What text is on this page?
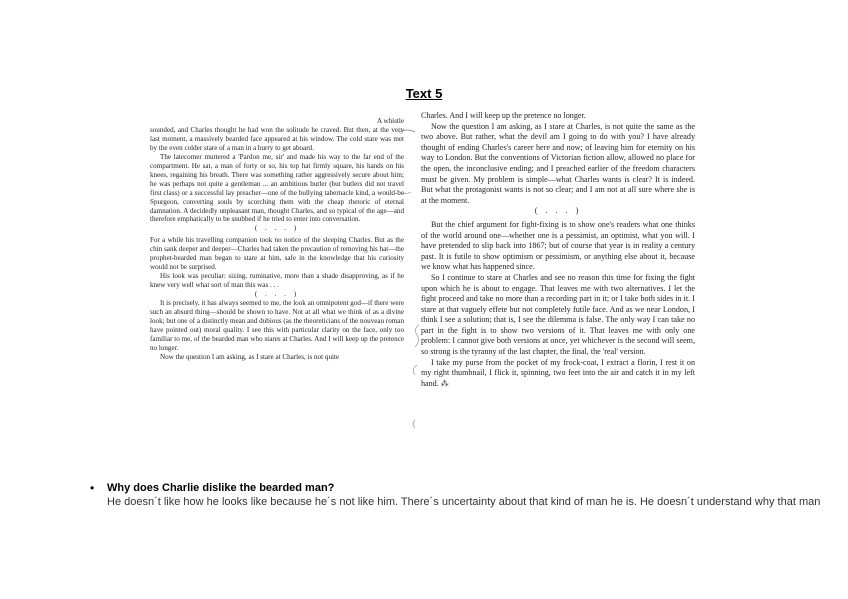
Text 5

A whistle

sounded, and Charles thought he had won the solitude he craved. But then, at the very last moment, a massively bearded face appeared at his window. The cold stare was met by the even colder stare of a man in a hurry to get aboard.

The latecomer muttered a 'Pardon me, sir' and made his way to the far end of the compartment. He sat, a man of forty or so, his top hat firmly square, his hands on his knees, regaining his breath. There was something rather aggressively secure about him; he was perhaps not quite a gentleman ... an ambitious butler (but butlers did not travel first class) or a successful lay preacher—one of the bullying tabernacle kind, a would-be Spurgeon, converting souls by scorching them with the cheap rhetoric of eternal damnation. A decidedly unpleasant man, thought Charles, and so typical of the age—and therefore emphatically to be snubbed if he tried to enter into conversation.

( . . . )

For a while his travelling companion took no notice of the sleeping Charles. But as the chin sank deeper and deeper—Charles had taken the precaution of removing his hat—the prophet-bearded man began to stare at him, safe in the knowledge that his curiosity would not be surprised.

His look was peculiar: sizing, ruminative, more than a shade disapproving, as if he knew very well what sort of man this was . . .

( . . . )

It is precisely, it has always seemed to me, the look an omnipotent god—if there were such an absurd thing—should be shown to have. Not at all what we think of as a divine look; but one of a distinctly mean and dubious (as the theoreticians of the nouveau roman have pointed out) moral quality. I see this with particular clarity on the face, only too familiar to me, of the bearded man who stares at Charles. And I will keep up the pretence no longer.

Now the question I am asking, as I stare at Charles, is not quite

Charles. And I will keep up the pretence no longer.

Now the question I am asking, as I stare at Charles, is not quite the same as the two above. But rather, what the devil am I going to do with you? I have already thought of ending Charles's career here and now; of leaving him for eternity on his way to London. But the conventions of Victorian fiction allow, allowed no place for the open, the inconclusive ending; and I preached earlier of the freedom characters must be given. My problem is simple—what Charles wants is clear? It is indeed. But what the protagonist wants is not so clear; and I am not at all sure where she is at the moment.

( . . . )

But the chief argument for fight-fixing is to show one's readers what one thinks of the world around one—whether one is a pessimist, an optimist, what you will. I have pretended to slip back into 1867; but of course that year is in reality a century past. It is futile to show optimism or pessimism, or anything else about it, because we know what has happened since.

So I continue to stare at Charles and see no reason this time for fixing the fight upon which he is about to engage. That leaves me with two alternatives. I let the fight proceed and take no more than a recording part in it; or I take both sides in it. I stare at that vaguely effete but not completely futile face. And as we near London, I think I see a solution; that is, I see the dilemma is false. The only way I can take no part in the fight is to show two versions of it. That leaves me with only one problem: I cannot give both versions at once, yet whichever is the second will seem, so strong is the tyranny of the last chapter, the final, the 'real' version.

I take my purse from the pocket of my frock-coat, I extract a florin, I rest it on my right thumbnail, I flick it, spinning, two feet into the air and catch it in my left hand. ⁂

• Why does Charlie dislike the bearded man?
He doesn´t like how he looks like because he´s not like him. There´s uncertainty about that kind of man he is. He doesn´t understand why that man
